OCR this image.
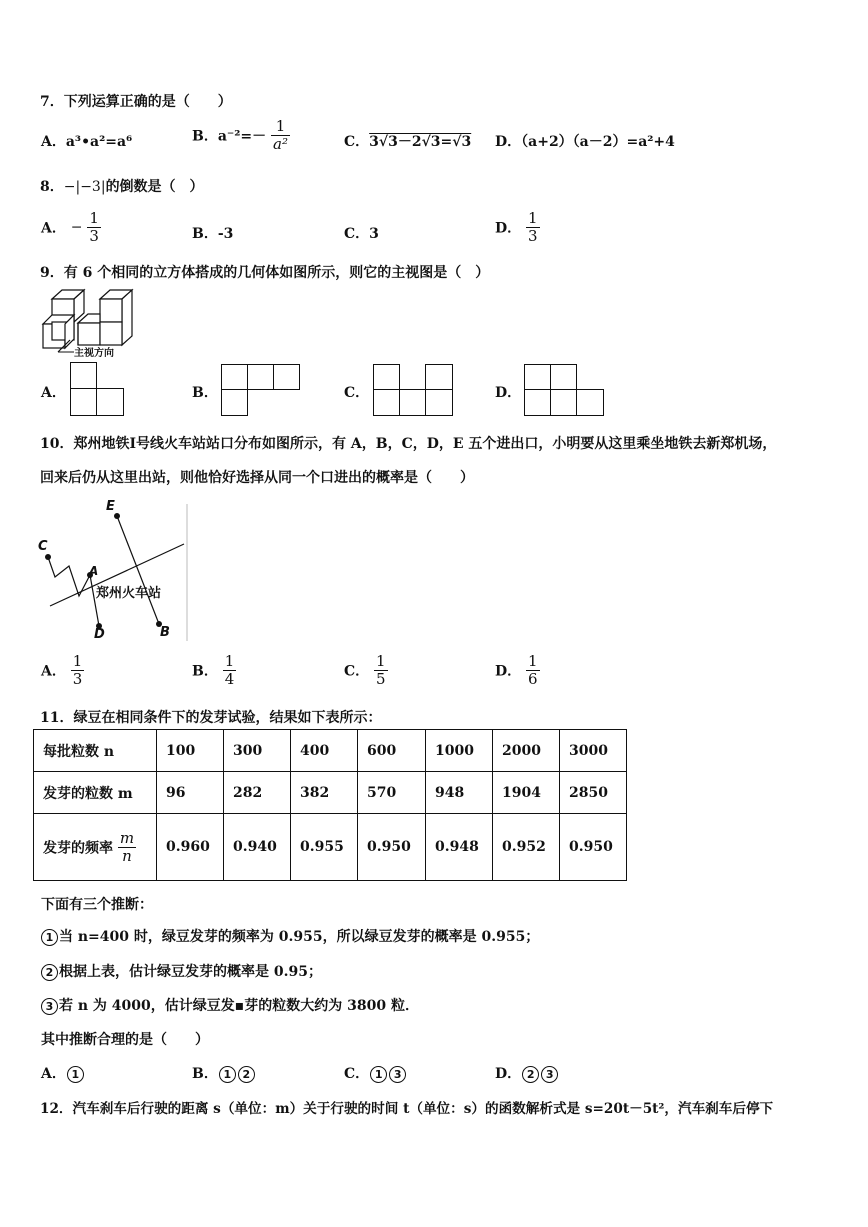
7．下列运算正确的是（　　）
A．a³•a²=a⁶	B．$a^{-2}=- \frac{1}{\text{a²}}$	C．3√3－2√3=√3 D．（a+2）（a－2）=a²+4
8．−|−3|的倒数是（　）
A． − $\frac{1}{3}$	B．-3	C．3	D． $\frac{1}{3}$
9．有 6 个相同的立方体搭成的几何体如图所示，则它的主视图是（　）
主视方向
A．	B．	C．	D．
10．郑州地铁Ⅰ号线火车站站口分布如图所示，有 A，B，C，D，E 五个进出口，小明要从这里乘坐地铁去新郑机场，
回来后仍从这里出站，则他恰好选择从同一个口进出的概率是（　　）
C
E
A
D	B
郑州火车站
A． $\frac{1}{3}$	B． $\frac{1}{4}$	C． $\frac{1}{5}$	D． $\frac{1}{6}$
11．绿豆在相同条件下的发芽试验，结果如下表所示：
每批粒数 n	100	300	400	600	1000	2000	3000
发芽的粒数 m	96	282	382	570	948	1904	2850
发芽的频率 $\frac{m}{n}$	0.960	0.940	0.955	0.950	0.948	0.952	0.950
下面有三个推断：
1 当 n=400 时，绿豆发芽的频率为 0.955，所以绿豆发芽的概率是 0.955；
2 根据上表，估计绿豆发芽的概率是 0.95；
3 若 n 为 4000，估计绿豆发▪芽的粒数大约为 3800 粒．
其中推断合理的是（　　）
A． 1	B． 1 2	C． 1 3	D． 2 3
12．汽车刹车后行驶的距离 s（单位：m）关于行驶的时间 t（单位：s）的函数解析式是 s=20t－5t²，汽车刹车后停下
